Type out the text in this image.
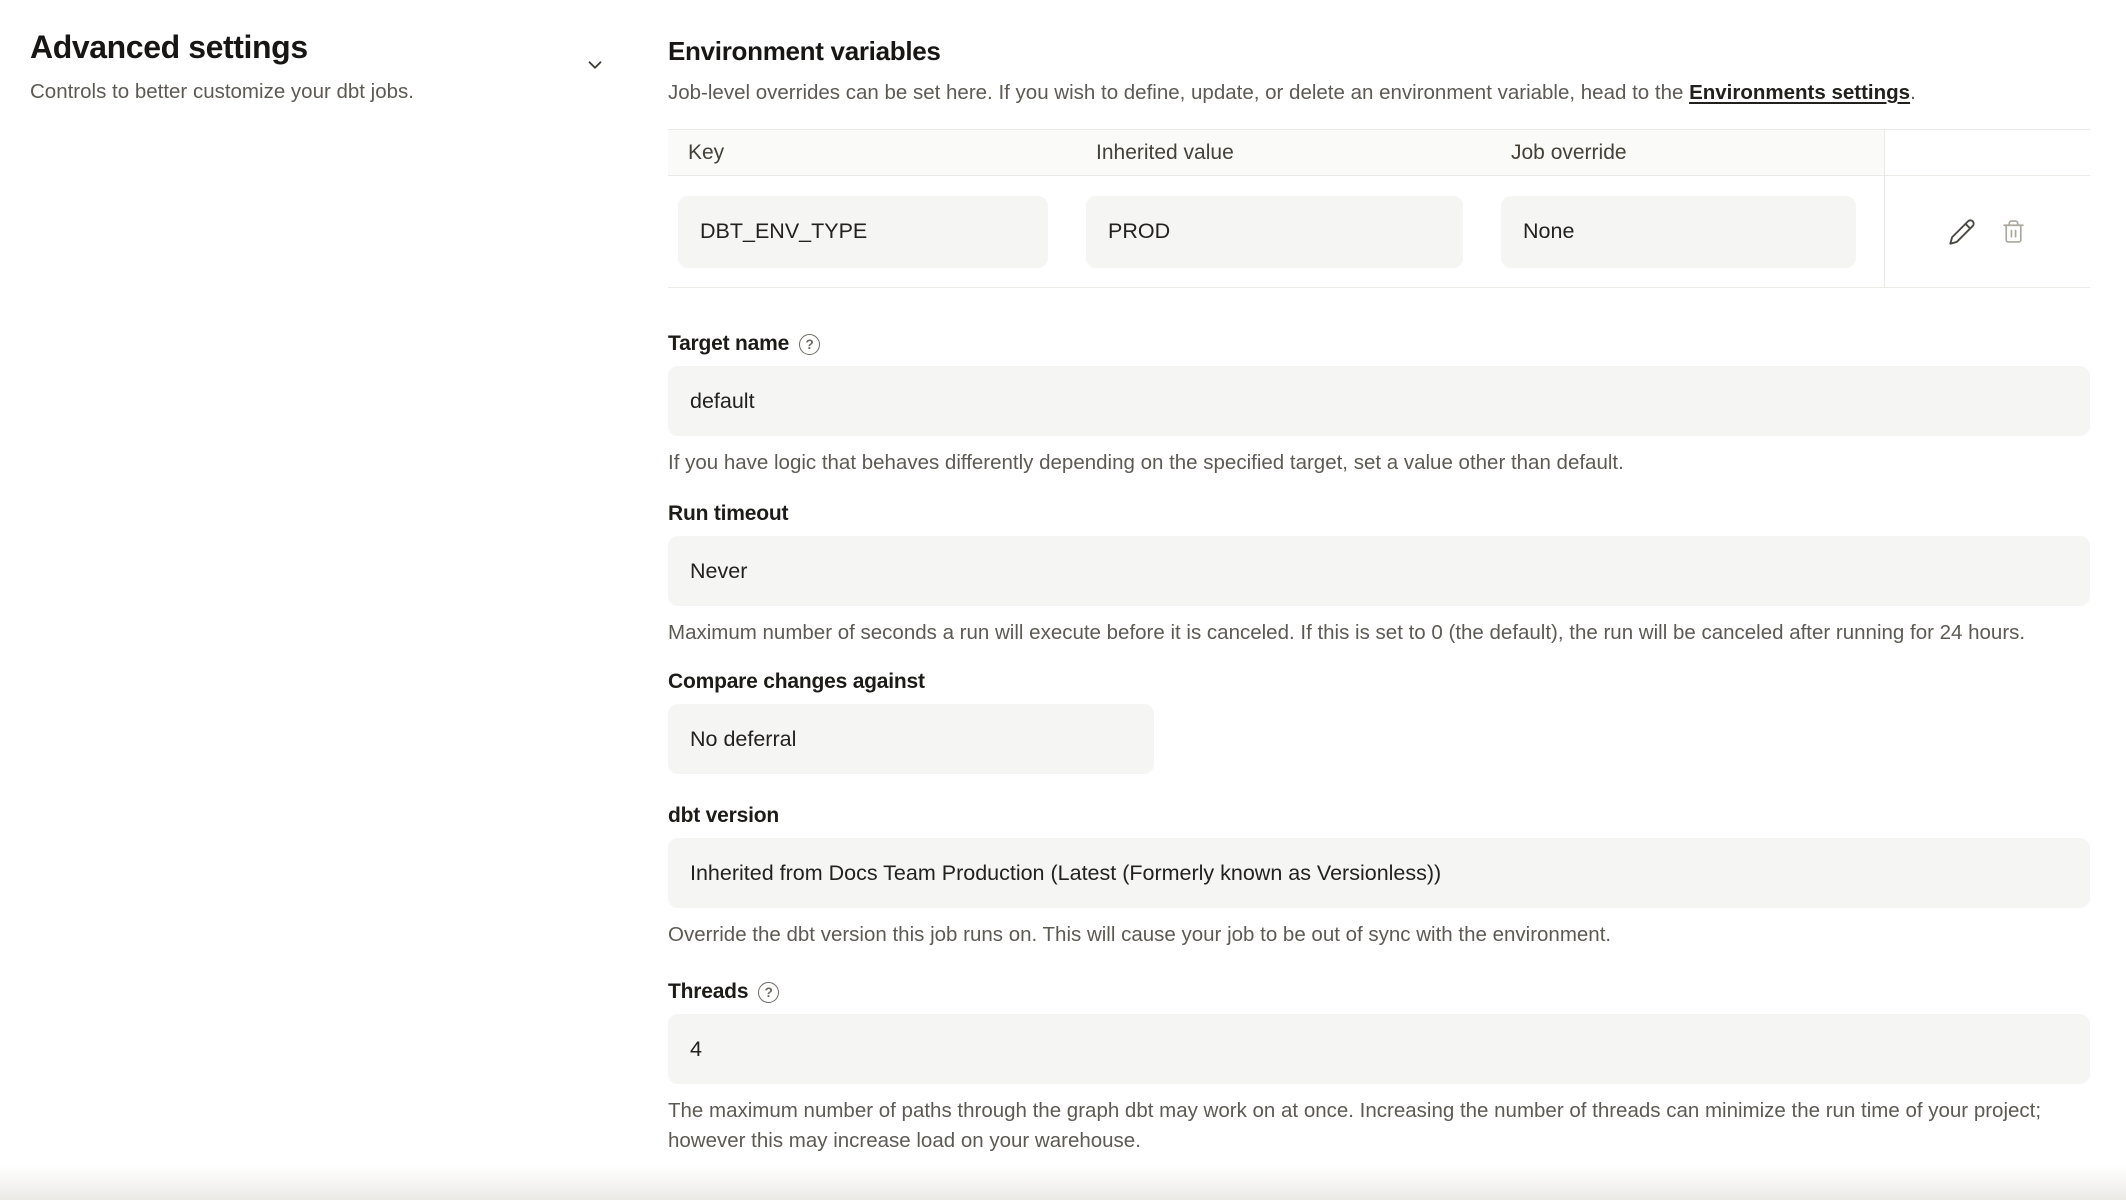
Advanced settings

Controls to better customize your dbt jobs.

Environment variables

Job-level overrides can be set here. If you wish to define, update, or delete an environment variable, head to the Environments settings.

Key	Inherited value	Job override
DBT_ENV_TYPE	PROD	None
Target name	?
default

If you have logic that behaves differently depending on the specified target, set a value other than default.

Run timeout
Never

Maximum number of seconds a run will execute before it is canceled. If this is set to 0 (the default), the run will be canceled after running for 24 hours.

Compare changes against
No deferral
dbt version
Inherited from Docs Team Production (Latest (Formerly known as Versionless))

Override the dbt version this job runs on. This will cause your job to be out of sync with the environment.

Threads	?
4

The maximum number of paths through the graph dbt may work on at once. Increasing the number of threads can minimize the run time of your project; however this may increase load on your warehouse.
